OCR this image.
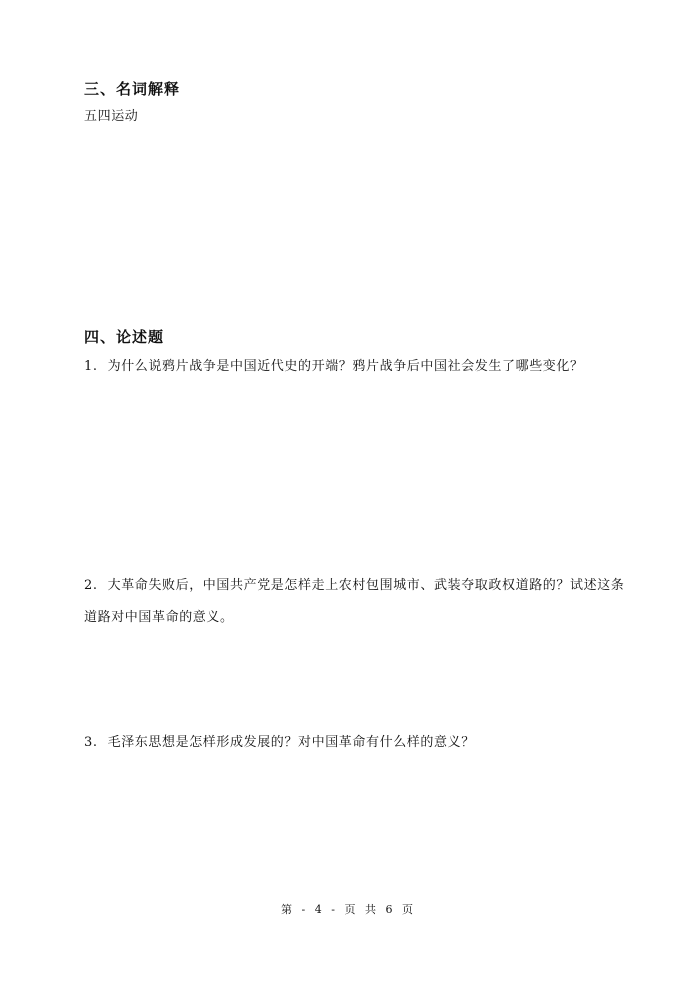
三、名词解释

五四运动

四、论述题

1. 为什么说鸦片战争是中国近代史的开端？鸦片战争后中国社会发生了哪些变化？

2. 大革命失败后，中国共产党是怎样走上农村包围城市、武装夺取政权道路的？试述这条

道路对中国革命的意义。

3. 毛泽东思想是怎样形成发展的？对中国革命有什么样的意义？

第 - 4 - 页 共 6 页
